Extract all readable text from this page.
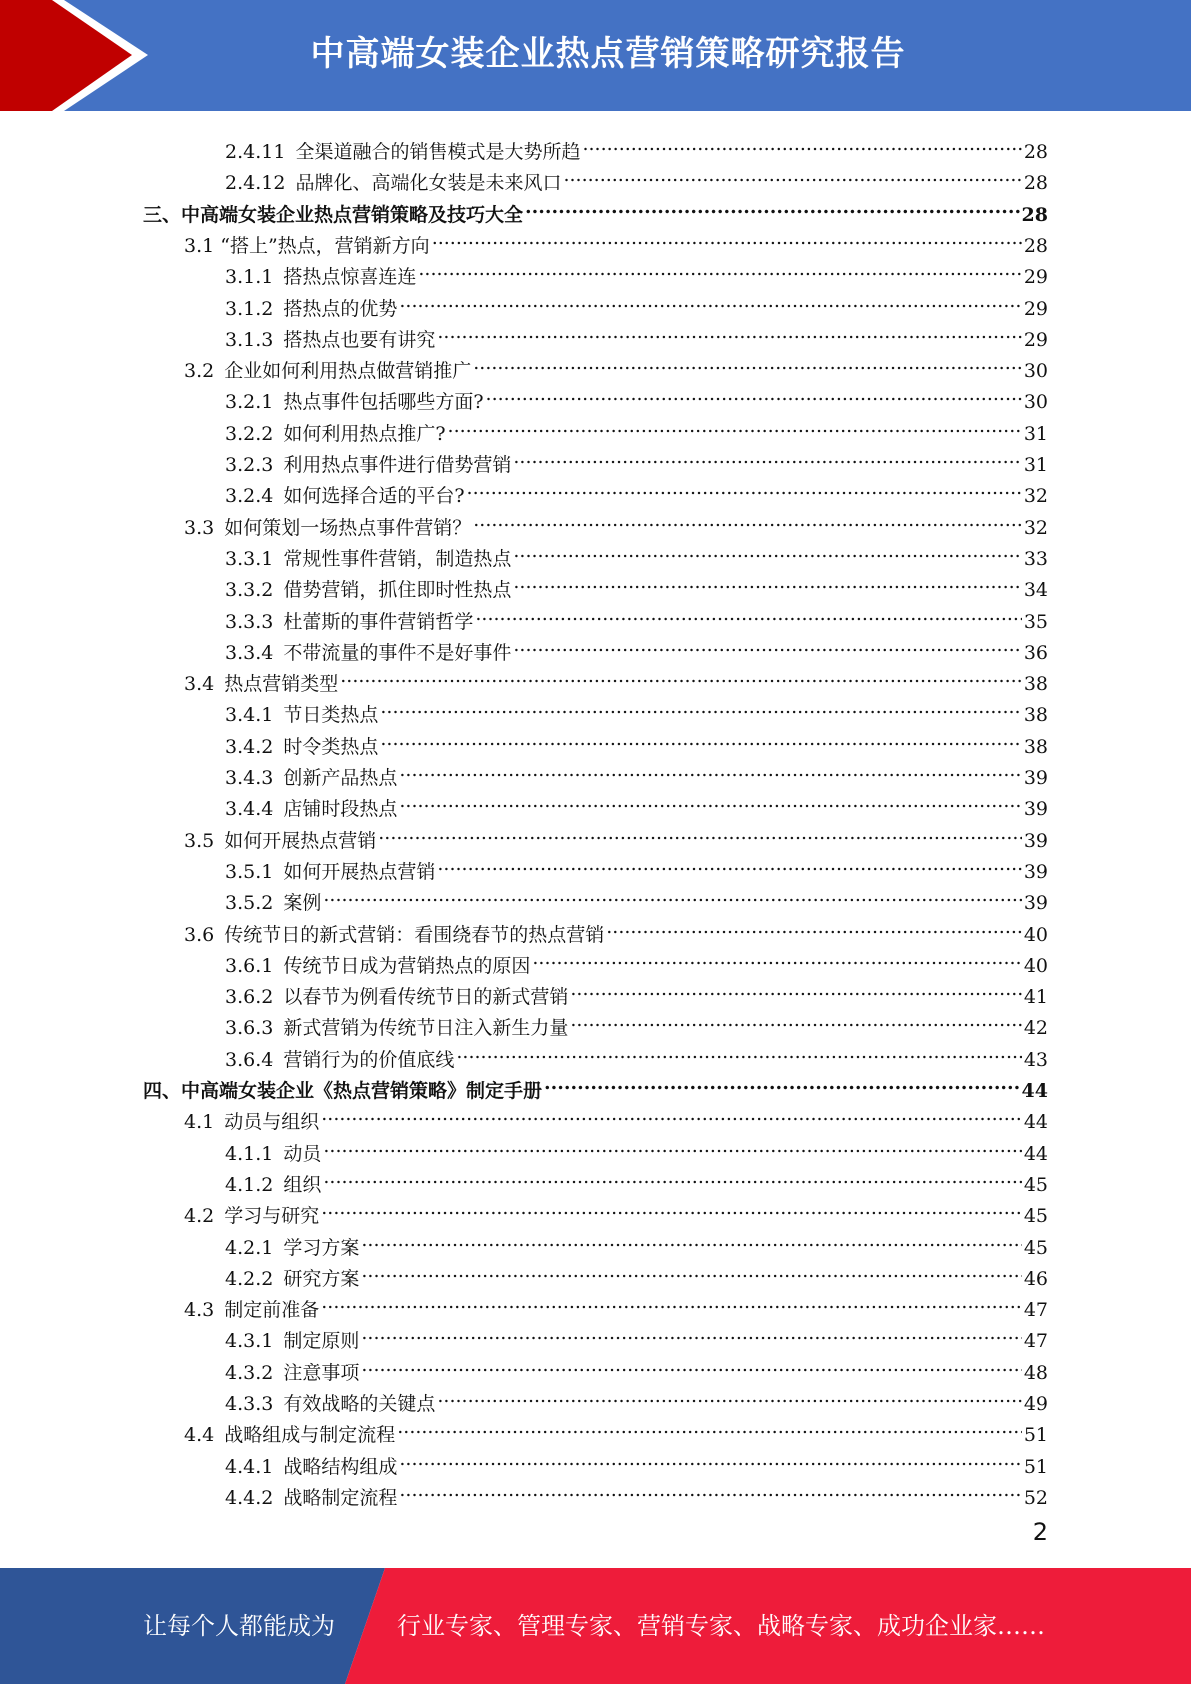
中高端女装企业热点营销策略研究报告
2.4.11 全渠道融合的销售模式是大势所趋 .....	28
2.4.12 品牌化、高端化女装是未来风口 .....	28
三、中高端女装企业热点营销策略及技巧大全 .....	28
3.1 “搭上”热点，营销新方向 .....	28
3.1.1 搭热点惊喜连连 .....	29
3.1.2 搭热点的优势 .....	29
3.1.3 搭热点也要有讲究 .....	29
3.2 企业如何利用热点做营销推广 .....	30
3.2.1 热点事件包括哪些方面? .....	30
3.2.2 如何利用热点推广? .....	31
3.2.3 利用热点事件进行借势营销 .....	31
3.2.4 如何选择合适的平台? .....	32
3.3 如何策划一场热点事件营销？ .....	32
3.3.1 常规性事件营销，制造热点 .....	33
3.3.2 借势营销，抓住即时性热点 .....	34
3.3.3 杜蕾斯的事件营销哲学 .....	35
3.3.4 不带流量的事件不是好事件 .....	36
3.4 热点营销类型 .....	38
3.4.1 节日类热点 .....	38
3.4.2 时令类热点 .....	38
3.4.3 创新产品热点 .....	39
3.4.4 店铺时段热点 .....	39
3.5 如何开展热点营销 .....	39
3.5.1 如何开展热点营销 .....	39
3.5.2 案例 .....	39
3.6 传统节日的新式营销：看围绕春节的热点营销 .....	40
3.6.1 传统节日成为营销热点的原因 .....	40
3.6.2 以春节为例看传统节日的新式营销 .....	41
3.6.3 新式营销为传统节日注入新生力量 .....	42
3.6.4 营销行为的价值底线 .....	43
四、中高端女装企业《热点营销策略》制定手册 .....	44
4.1 动员与组织 .....	44
4.1.1 动员 .....	44
4.1.2 组织 .....	45
4.2 学习与研究 .....	45
4.2.1 学习方案 .....	45
4.2.2 研究方案 .....	46
4.3 制定前准备 .....	47
4.3.1 制定原则 .....	47
4.3.2 注意事项 .....	48
4.3.3 有效战略的关键点 .....	49
4.4 战略组成与制定流程 .....	51
4.4.1 战略结构组成 .....	51
4.4.2 战略制定流程 .....	52
2
让每个人都能成为	行业专家、管理专家、营销专家、战略专家、成功企业家……
